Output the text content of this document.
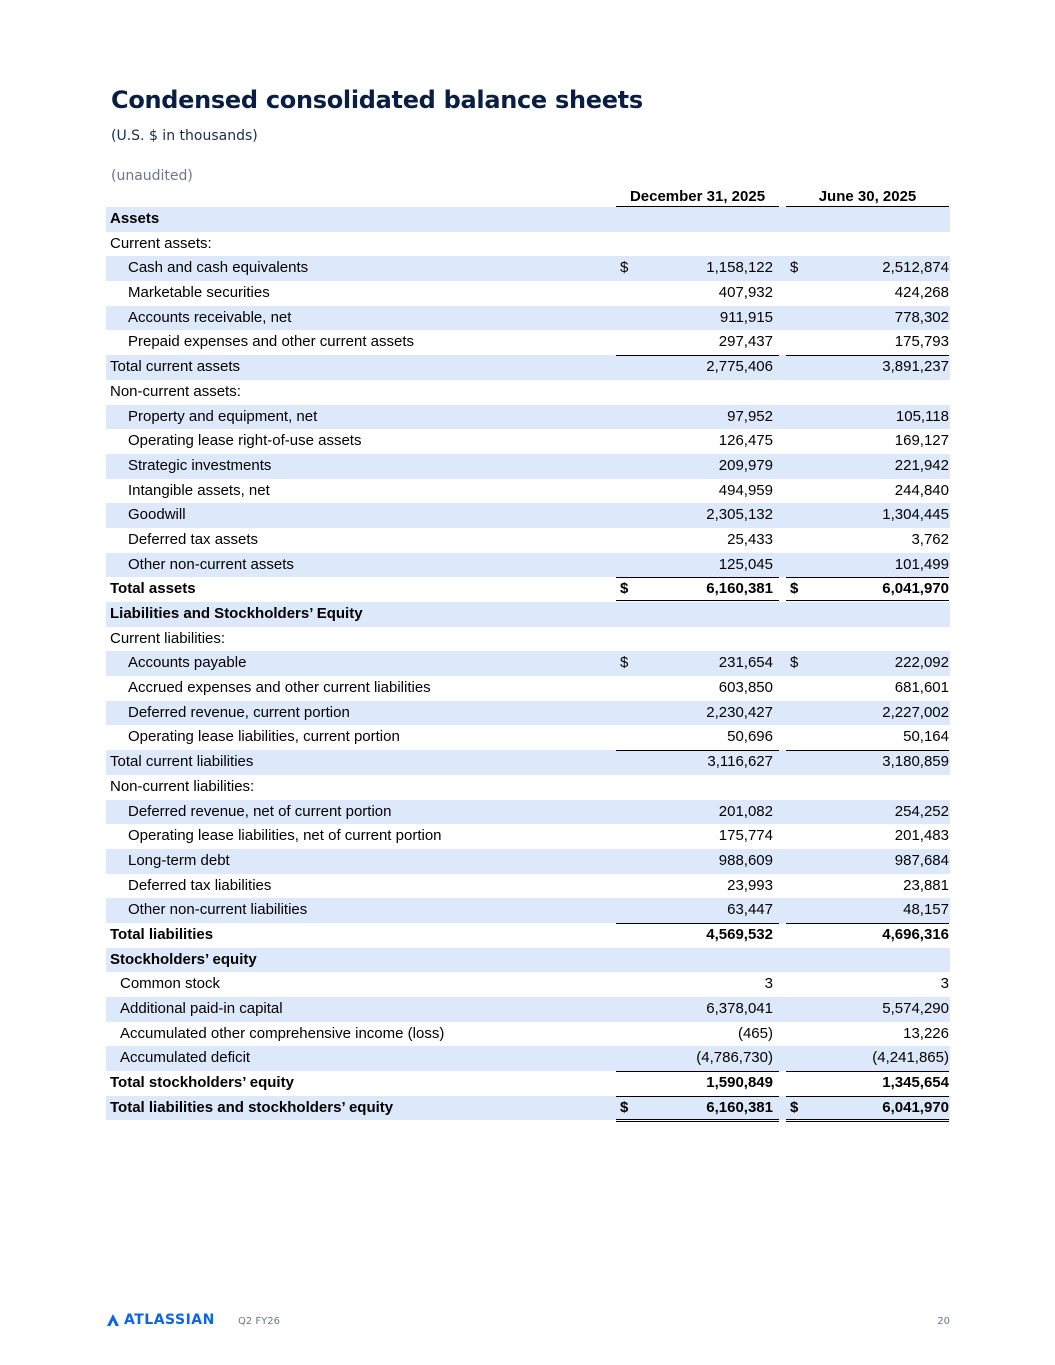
Condensed consolidated balance sheets
(U.S. $ in thousands)
(unaudited)
December 31, 2025	June 30, 2025
Assets
Current assets:
Cash and cash equivalents	$	1,158,122 $	2,512,874
Marketable securities	407,932	424,268
Accounts receivable, net	911,915	778,302
Prepaid expenses and other current assets	297,437	175,793
Total current assets	2,775,406	3,891,237
Non-current assets:
Property and equipment, net	97,952	105,118
Operating lease right-of-use assets	126,475	169,127
Strategic investments	209,979	221,942
Intangible assets, net	494,959	244,840
Goodwill	2,305,132	1,304,445
Deferred tax assets	25,433	3,762
Other non-current assets	125,045	101,499
Total assets	$	6,160,381 $	6,041,970
Liabilities and Stockholders’ Equity
Current liabilities:
Accounts payable	$	231,654 $	222,092
Accrued expenses and other current liabilities	603,850	681,601
Deferred revenue, current portion	2,230,427	2,227,002
Operating lease liabilities, current portion	50,696	50,164
Total current liabilities	3,116,627	3,180,859
Non-current liabilities:
Deferred revenue, net of current portion	201,082	254,252
Operating lease liabilities, net of current portion	175,774	201,483
Long-term debt	988,609	987,684
Deferred tax liabilities	23,993	23,881
Other non-current liabilities	63,447	48,157
Total liabilities	4,569,532	4,696,316
Stockholders’ equity
Common stock	3	3
Additional paid-in capital	6,378,041	5,574,290
Accumulated other comprehensive income (loss)	(465)	13,226
Accumulated deficit	(4,786,730)	(4,241,865)
Total stockholders’ equity	1,590,849	1,345,654
Total liabilities and stockholders’ equity	$	6,160,381 $	6,041,970
ATLASSIAN Q2 FY26	20
